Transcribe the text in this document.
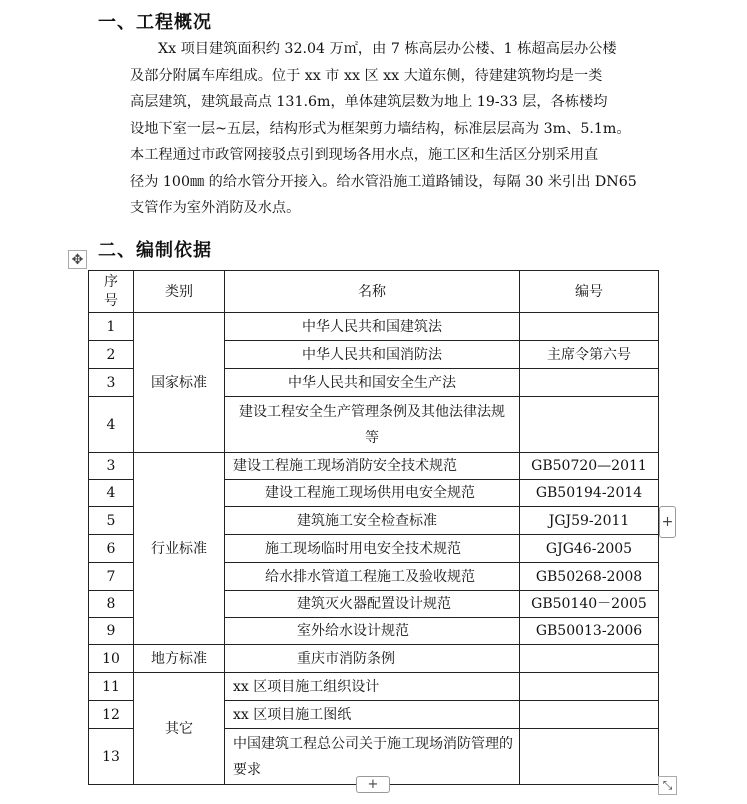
一、工程概况

Xx 项目建筑面积约 32.04 万㎡，由 7 栋高层办公楼、1 栋超高层办公楼

及部分附属车库组成。位于 xx 市 xx 区 xx 大道东侧，待建建筑物均是一类

高层建筑，建筑最高点 131.6m，单体建筑层数为地上 19-33 层，各栋楼均

设地下室一层~五层，结构形式为框架剪力墙结构，标准层层高为 3m、5.1m。

本工程通过市政管网接驳点引到现场各用水点，施工区和生活区分别采用直

径为 100㎜ 的给水管分开接入。给水管沿施工道路铺设，每隔 30 米引出 DN65

支管作为室外消防及水点。

二、编制依据
✥
序号	类别	名称	编号
1	国家标准	中华人民共和国建筑法	
2		中华人民共和国消防法	主席令第六号
3		中华人民共和国安全生产法	
4		建设工程安全生产管理条例及其他法律法规等	

3	行业标准	建设工程施工现场消防安全技术规范	GB50720—2011
4		建设工程施工现场供用电安全规范	GB50194-2014
5		建筑施工安全检查标准	JGJ59-2011
6		施工现场临时用电安全技术规范	GJG46-2005
7		给水排水管道工程施工及验收规范	GB50268-2008
8		建筑灭火器配置设计规范	GB50140－2005
9		室外给水设计规范	GB50013-2006
10	地方标准	重庆市消防条例	
11	其它	xx 区项目施工组织设计	
12		xx 区项目施工图纸	
13		中国建筑工程总公司关于施工现场消防管理的要求	

+
+	⤡
